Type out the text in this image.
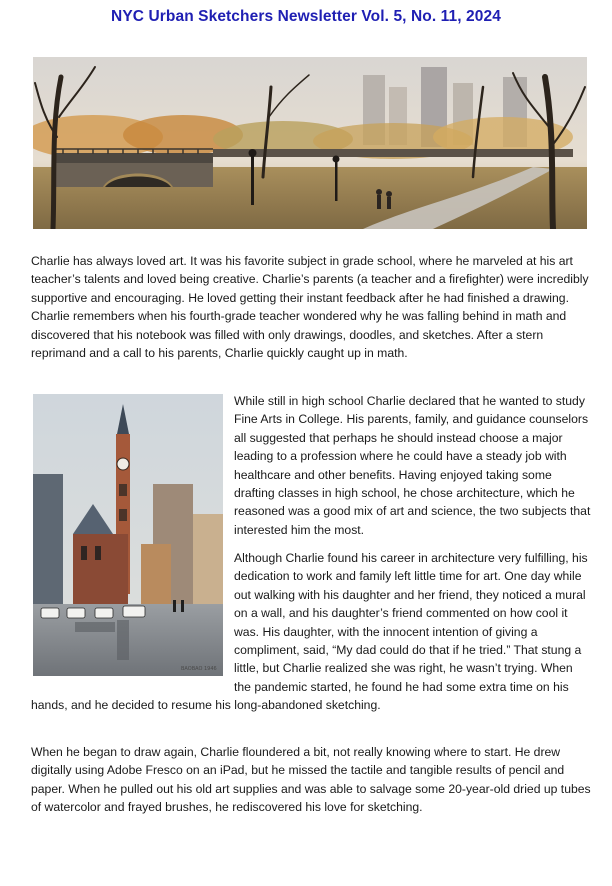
NYC Urban Sketchers Newsletter Vol. 5, No. 11, 2024

Charlie has always loved art. It was his favorite subject in grade school, where he marveled at his art teacher’s talents and loved being creative. Charlie’s parents (a teacher and a firefighter) were incredibly supportive and encouraging. He loved getting their instant feedback after he had finished a drawing. Charlie remembers when his fourth-grade teacher wondered why he was falling behind in math and discovered that his notebook was filled with only drawings, doodles, and sketches. After a stern reprimand and a call to his parents, Charlie quickly caught up in math.

BAOBAO 1946

While still in high school Charlie declared that he wanted to study Fine Arts in College. His parents, family, and guidance counselors all suggested that perhaps he should instead choose a major leading to a profession where he could have a steady job with healthcare and other benefits. Having enjoyed taking some drafting classes in high school, he chose architecture, which he reasoned was a good mix of art and science, the two subjects that interested him the most.

Although Charlie found his career in architecture very fulfilling, his dedication to work and family left little time for art. One day while out walking with his daughter and her friend, they noticed a mural on a wall, and his daughter’s friend commented on how cool it was. His daughter, with the innocent intention of giving a compliment, said, “My dad could do that if he tried.” That stung a little, but Charlie realized she was right, he wasn’t trying. When the pandemic started, he found he had some extra time on his hands, and he decided to resume his long-abandoned sketching.

When he began to draw again, Charlie floundered a bit, not really knowing where to start. He drew digitally using Adobe Fresco on an iPad, but he missed the tactile and tangible results of pencil and paper. When he pulled out his old art supplies and was able to salvage some 20-year-old dried up tubes of watercolor and frayed brushes, he rediscovered his love for sketching.
